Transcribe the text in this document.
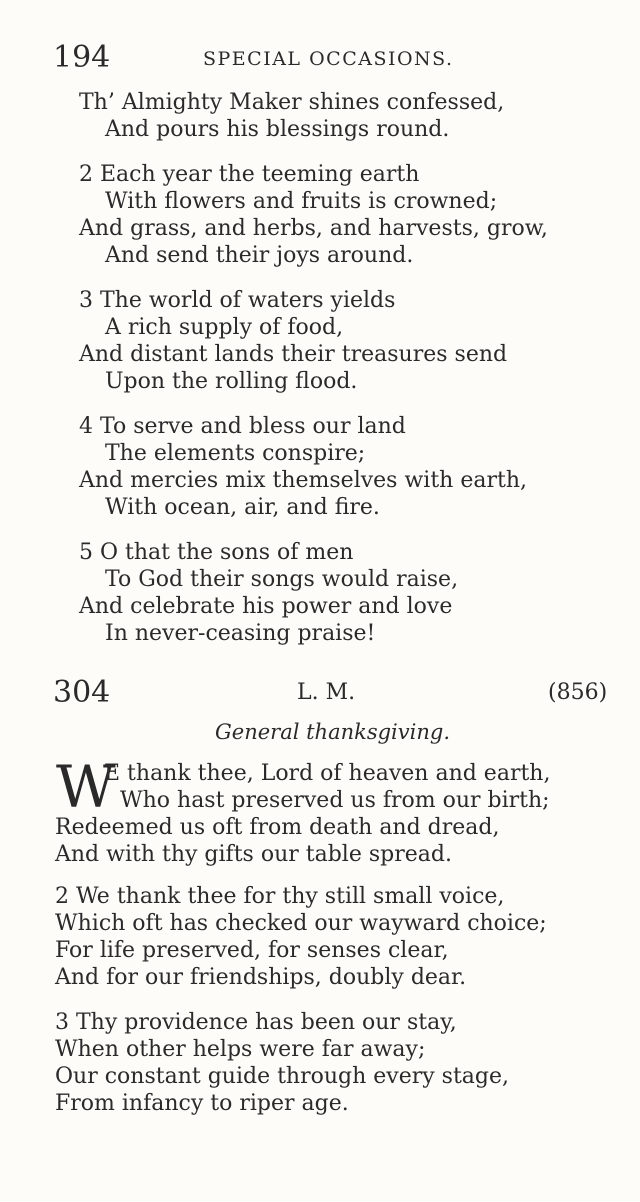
194	SPECIAL OCCASIONS.
Th’ Almighty Maker shines confessed,
And pours his blessings round.
2 Each year the teeming earth
With flowers and fruits is crowned;
And grass, and herbs, and harvests, grow,
And send their joys around.
3 The world of waters yields
A rich supply of food,
And distant lands their treasures send
Upon the rolling flood.
4 To serve and bless our land
The elements conspire;
And mercies mix themselves with earth,
With ocean, air, and fire.
5 O that the sons of men
To God their songs would raise,
And celebrate his power and love
In never-ceasing praise!
304	L. M.	(856)
General thanksgiving.
W
E thank thee, Lord of heaven and earth,
Who hast preserved us from our birth;
Redeemed us oft from death and dread,
And with thy gifts our table spread.
2 We thank thee for thy still small voice,
Which oft has checked our wayward choice;
For life preserved, for senses clear,
And for our friendships, doubly dear.
3 Thy providence has been our stay,
When other helps were far away;
Our constant guide through every stage,
From infancy to riper age.
